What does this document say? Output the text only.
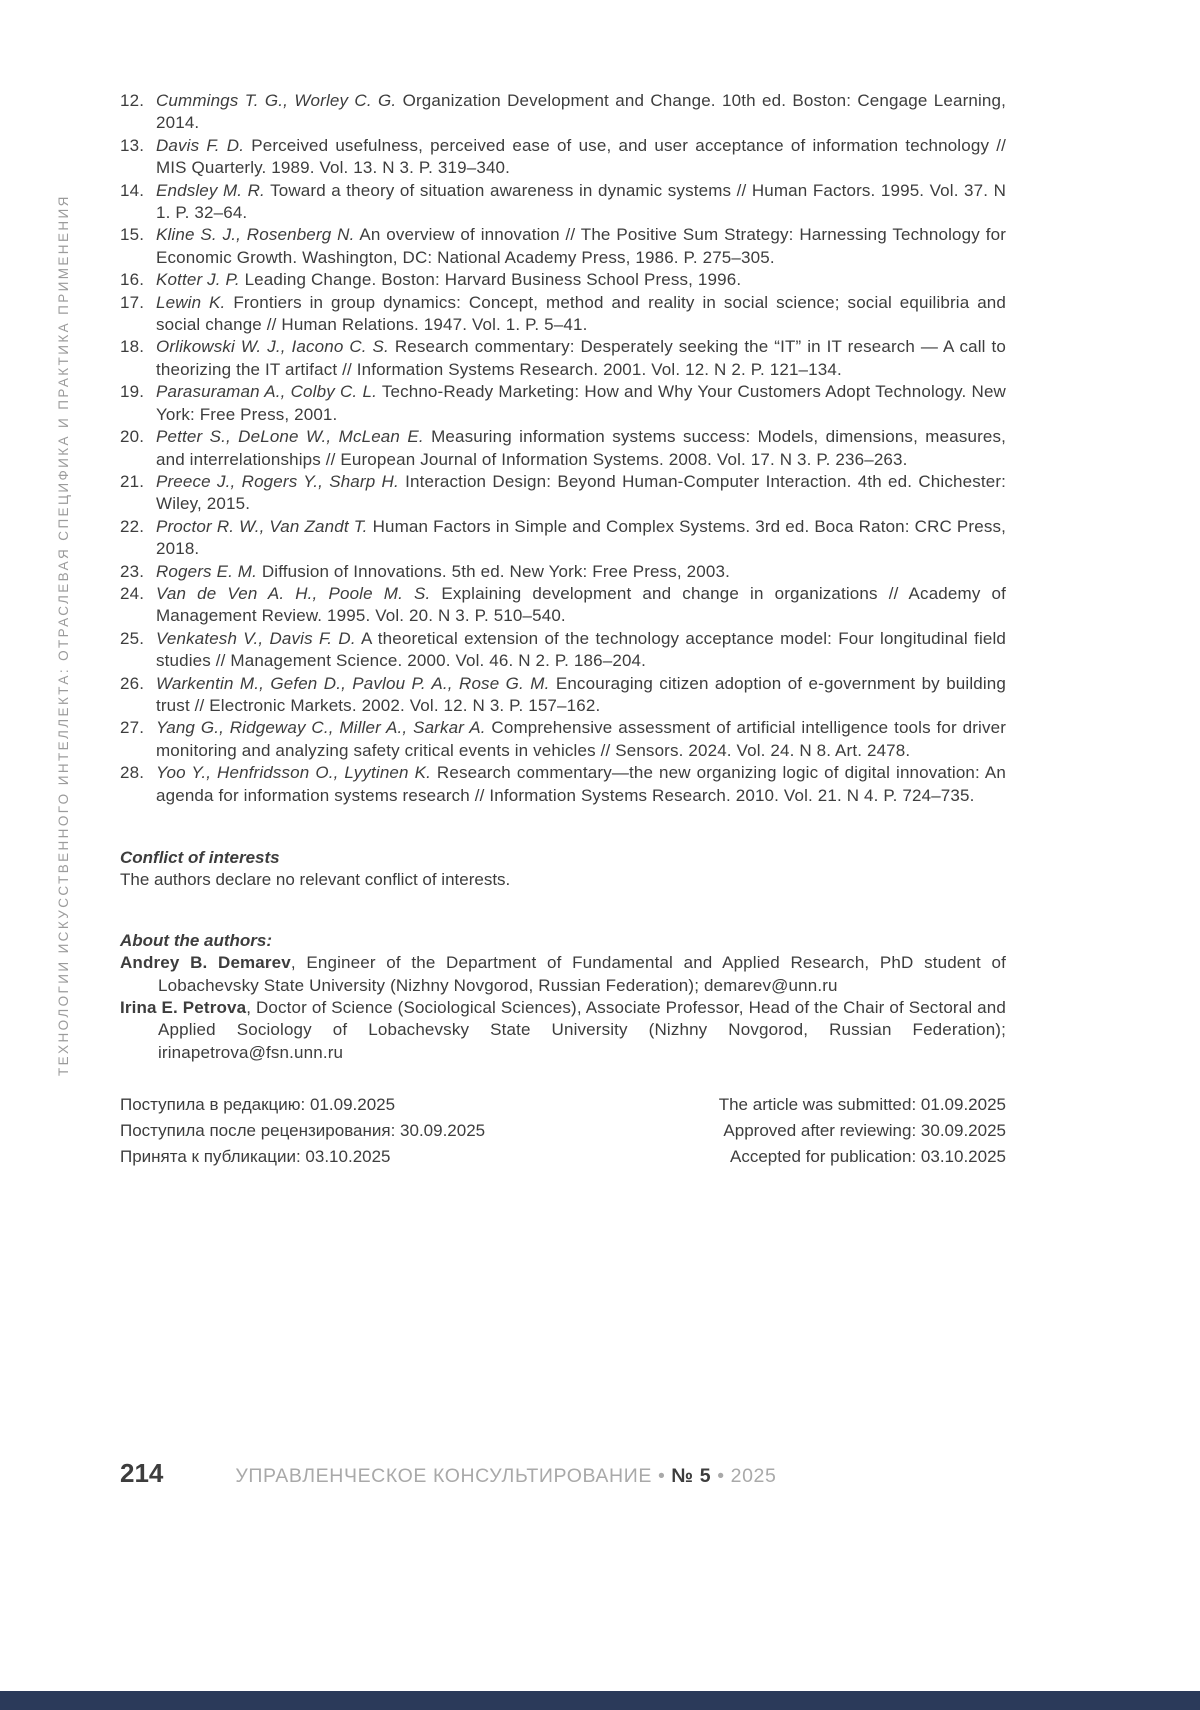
ТЕХНОЛОГИИ ИСКУССТВЕННОГО ИНТЕЛЛЕКТА: ОТРАСЛЕВАЯ СПЕЦИФИКА И ПРАКТИКА ПРИМЕНЕНИЯ
12. Cummings T. G., Worley C. G. Organization Development and Change. 10th ed. Boston: Cengage Learning, 2014.
13. Davis F. D. Perceived usefulness, perceived ease of use, and user acceptance of information technology // MIS Quarterly. 1989. Vol. 13. N 3. P. 319–340.
14. Endsley M. R. Toward a theory of situation awareness in dynamic systems // Human Factors. 1995. Vol. 37. N 1. P. 32–64.
15. Kline S. J., Rosenberg N. An overview of innovation // The Positive Sum Strategy: Harnessing Technology for Economic Growth. Washington, DC: National Academy Press, 1986. P. 275–305.
16. Kotter J. P. Leading Change. Boston: Harvard Business School Press, 1996.
17. Lewin K. Frontiers in group dynamics: Concept, method and reality in social science; social equilibria and social change // Human Relations. 1947. Vol. 1. P. 5–41.
18. Orlikowski W. J., Iacono C. S. Research commentary: Desperately seeking the “IT” in IT research — A call to theorizing the IT artifact // Information Systems Research. 2001. Vol. 12. N 2. P. 121–134.
19. Parasuraman A., Colby C. L. Techno-Ready Marketing: How and Why Your Customers Adopt Technology. New York: Free Press, 2001.
20. Petter S., DeLone W., McLean E. Measuring information systems success: Models, dimensions, measures, and interrelationships // European Journal of Information Systems. 2008. Vol. 17. N 3. P. 236–263.
21. Preece J., Rogers Y., Sharp H. Interaction Design: Beyond Human-Computer Interaction. 4th ed. Chichester: Wiley, 2015.
22. Proctor R. W., Van Zandt T. Human Factors in Simple and Complex Systems. 3rd ed. Boca Raton: CRC Press, 2018.
23. Rogers E. M. Diffusion of Innovations. 5th ed. New York: Free Press, 2003.
24. Van de Ven A. H., Poole M. S. Explaining development and change in organizations // Academy of Management Review. 1995. Vol. 20. N 3. P. 510–540.
25. Venkatesh V., Davis F. D. A theoretical extension of the technology acceptance model: Four longitudinal field studies // Management Science. 2000. Vol. 46. N 2. P. 186–204.
26. Warkentin M., Gefen D., Pavlou P. A., Rose G. M. Encouraging citizen adoption of e-government by building trust // Electronic Markets. 2002. Vol. 12. N 3. P. 157–162.
27. Yang G., Ridgeway C., Miller A., Sarkar A. Comprehensive assessment of artificial intelligence tools for driver monitoring and analyzing safety critical events in vehicles // Sensors. 2024. Vol. 24. N 8. Art. 2478.
28. Yoo Y., Henfridsson O., Lyytinen K. Research commentary—the new organizing logic of digital innovation: An agenda for information systems research // Information Systems Research. 2010. Vol. 21. N 4. P. 724–735.
Conflict of interests

The authors declare no relevant conflict of interests.

About the authors:

Andrey B. Demarev, Engineer of the Department of Fundamental and Applied Research, PhD student of Lobachevsky State University (Nizhny Novgorod, Russian Federation); demarev@unn.ru

Irina E. Petrova, Doctor of Science (Sociological Sciences), Associate Professor, Head of the Chair of Sectoral and Applied Sociology of Lobachevsky State University (Nizhny Novgorod, Russian Federation); irinapetrova@fsn.unn.ru

Поступила в редакцию: 01.09.2025	The article was submitted: 01.09.2025
Поступила после рецензирования: 30.09.2025	Approved after reviewing: 30.09.2025
Принята к публикации: 03.10.2025	Accepted for publication: 03.10.2025
214	УПРАВЛЕНЧЕСКОЕ КОНСУЛЬТИРОВАНИЕ • № 5 • 2025
